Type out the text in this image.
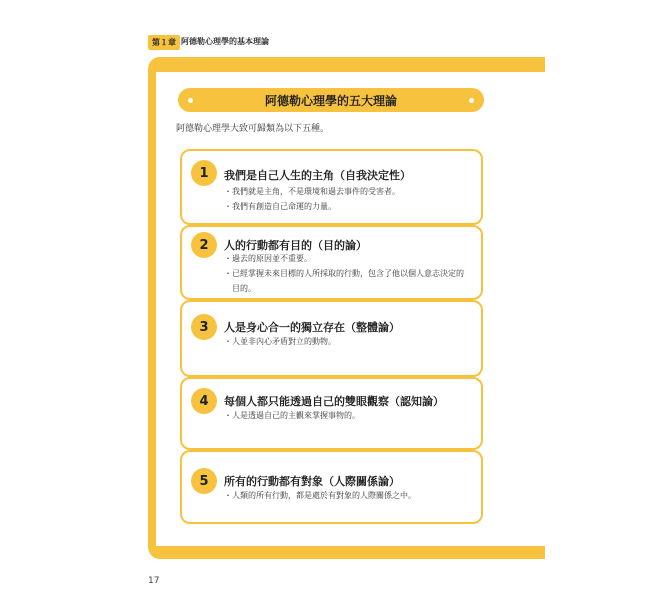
第１章 阿德勒心理學的基本理論
阿德勒心理學的五大理論
阿德勒心理學大致可歸類為以下五種。
1	我們是自己人生的主角（自我決定性）
・ 我們就是主角，不是環境和過去事件的受害者。
・ 我們有創造自己命運的力量。
2	人的行動都有目的（目的論）
・ 過去的原因並不重要。
・ 已經掌握未來目標的人所採取的行動，包含了他以個人意志決定的目的。
3	人是身心合一的獨立存在（整體論）
・ 人並非內心矛盾對立的動物。
4	每個人都只能透過自己的雙眼觀察（認知論）
・ 人是透過自己的主觀來掌握事物的。
5	所有的行動都有對象（人際關係論）
・ 人類的所有行動，都是處於有對象的人際關係之中。
17
